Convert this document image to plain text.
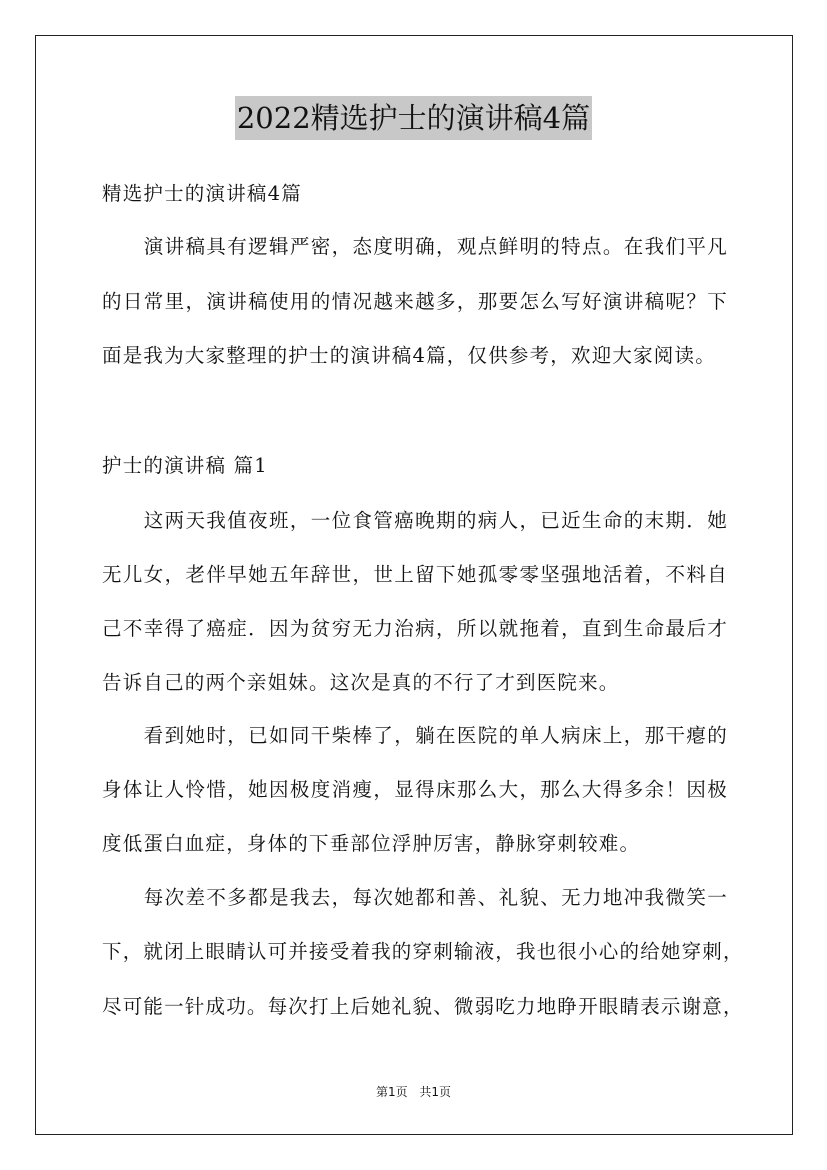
2022精选护士的演讲稿4篇
精选护士的演讲稿4篇
　　演讲稿具有逻辑严密，态度明确，观点鲜明的特点。在我们平凡
的日常里，演讲稿使用的情况越来越多，那要怎么写好演讲稿呢？下
面是我为大家整理的护士的演讲稿4篇，仅供参考，欢迎大家阅读。
护士的演讲稿 篇1
　　这两天我值夜班，一位食管癌晚期的病人，已近生命的末期．她
无儿女，老伴早她五年辞世，世上留下她孤零零坚强地活着，不料自
己不幸得了癌症．因为贫穷无力治病，所以就拖着，直到生命最后才
告诉自己的两个亲姐妹。这次是真的不行了才到医院来。
　　看到她时，已如同干柴棒了，躺在医院的单人病床上，那干瘪的
身体让人怜惜，她因极度消瘦，显得床那么大，那么大得多余！因极
度低蛋白血症，身体的下垂部位浮肿厉害，静脉穿刺较难。
　　每次差不多都是我去，每次她都和善、礼貌、无力地冲我微笑一
下，就闭上眼睛认可并接受着我的穿刺输液，我也很小心的给她穿刺，
尽可能一针成功。每次打上后她礼貌、微弱吃力地睁开眼睛表示谢意，
第1页 共1页
